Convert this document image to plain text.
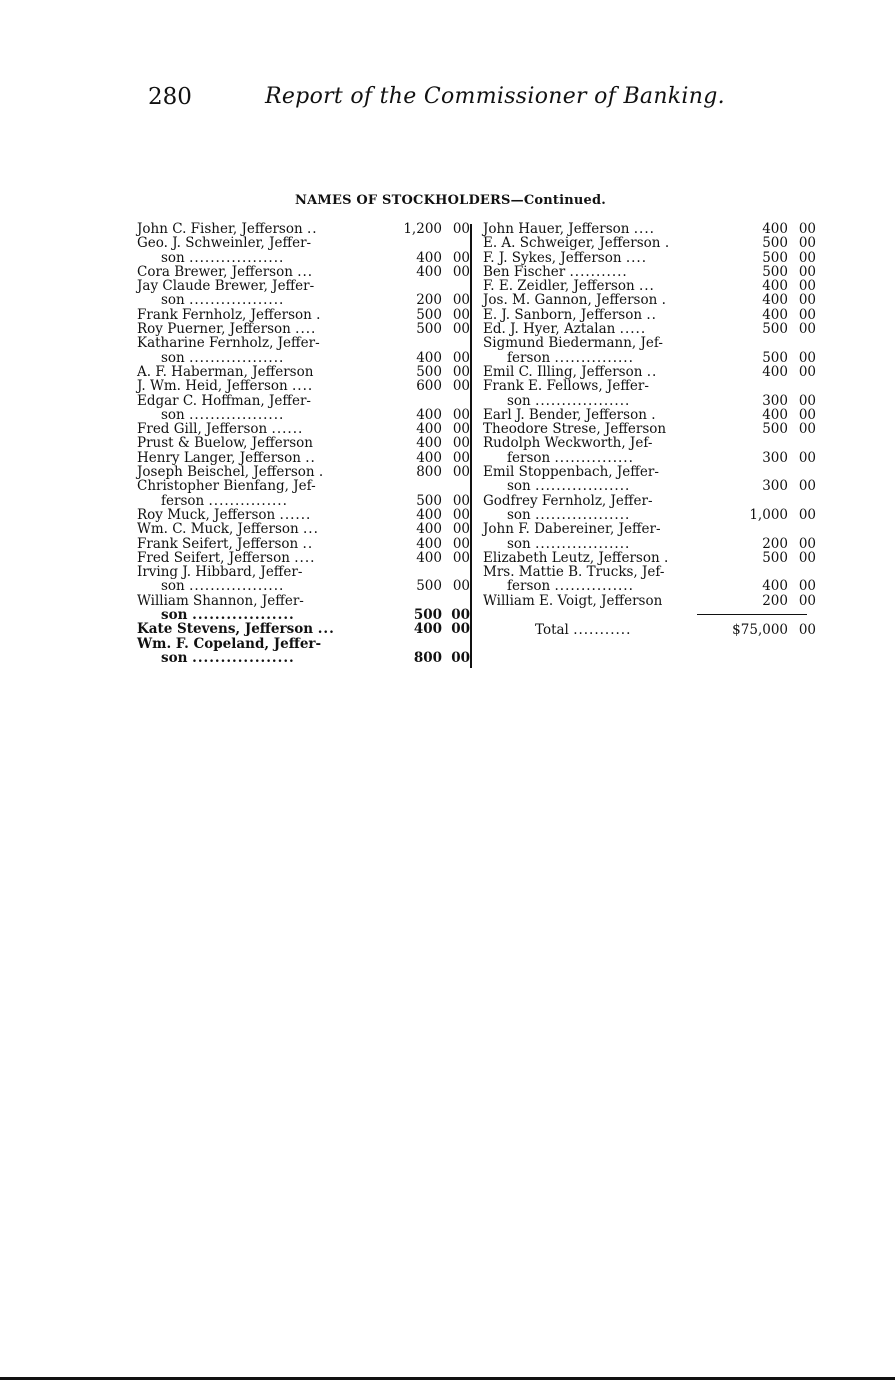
280	Report of the Commissioner of Banking.
NAMES OF STOCKHOLDERS—Continued.
John C. Fisher, Jefferson ..	1,200 00
Geo. J. Schweinler, Jeffer-
son ..................	400 00
Cora Brewer, Jefferson ...	400 00
Jay Claude Brewer, Jeffer-
son ..................	200 00
Frank Fernholz, Jefferson .	500 00
Roy Puerner, Jefferson ....	500 00
Katharine Fernholz, Jeffer-
son ..................	400 00
A. F. Haberman, Jefferson	500 00
J. Wm. Heid, Jefferson ....	600 00
Edgar C. Hoffman, Jeffer-
son ..................	400 00
Fred Gill, Jefferson ......	400 00
Prust & Buelow, Jefferson	400 00
Henry Langer, Jefferson ..	400 00
Joseph Beischel, Jefferson .	800 00
Christopher Bienfang, Jef-
ferson ...............	500 00
Roy Muck, Jefferson ......	400 00
Wm. C. Muck, Jefferson ...	400 00
Frank Seifert, Jefferson ..	400 00
Fred Seifert, Jefferson ....	400 00
Irving J. Hibbard, Jeffer-
son ..................	500 00
William Shannon, Jeffer-
son ..................	500 00
Kate Stevens, Jefferson ...	400 00
Wm. F. Copeland, Jeffer-
son ..................	800 00
John Hauer, Jefferson ....	400 00
E. A. Schweiger, Jefferson .	500 00
F. J. Sykes, Jefferson ....	500 00
Ben Fischer ...........	500 00
F. E. Zeidler, Jefferson ...	400 00
Jos. M. Gannon, Jefferson .	400 00
E. J. Sanborn, Jefferson ..	400 00
Ed. J. Hyer, Aztalan .....	500 00
Sigmund Biedermann, Jef-
ferson ...............	500 00
Emil C. Illing, Jefferson ..	400 00
Frank E. Fellows, Jeffer-
son ..................	300 00
Earl J. Bender, Jefferson .	400 00
Theodore Strese, Jefferson	500 00
Rudolph Weckworth, Jef-
ferson ...............	300 00
Emil Stoppenbach, Jeffer-
son ..................	300 00
Godfrey Fernholz, Jeffer-
son ..................	1,000 00
John F. Dabereiner, Jeffer-
son ..................	200 00
Elizabeth Leutz, Jefferson .	500 00
Mrs. Mattie B. Trucks, Jef-
ferson ...............	400 00
William E. Voigt, Jefferson	200 00
Total ...........	$75,000 00
